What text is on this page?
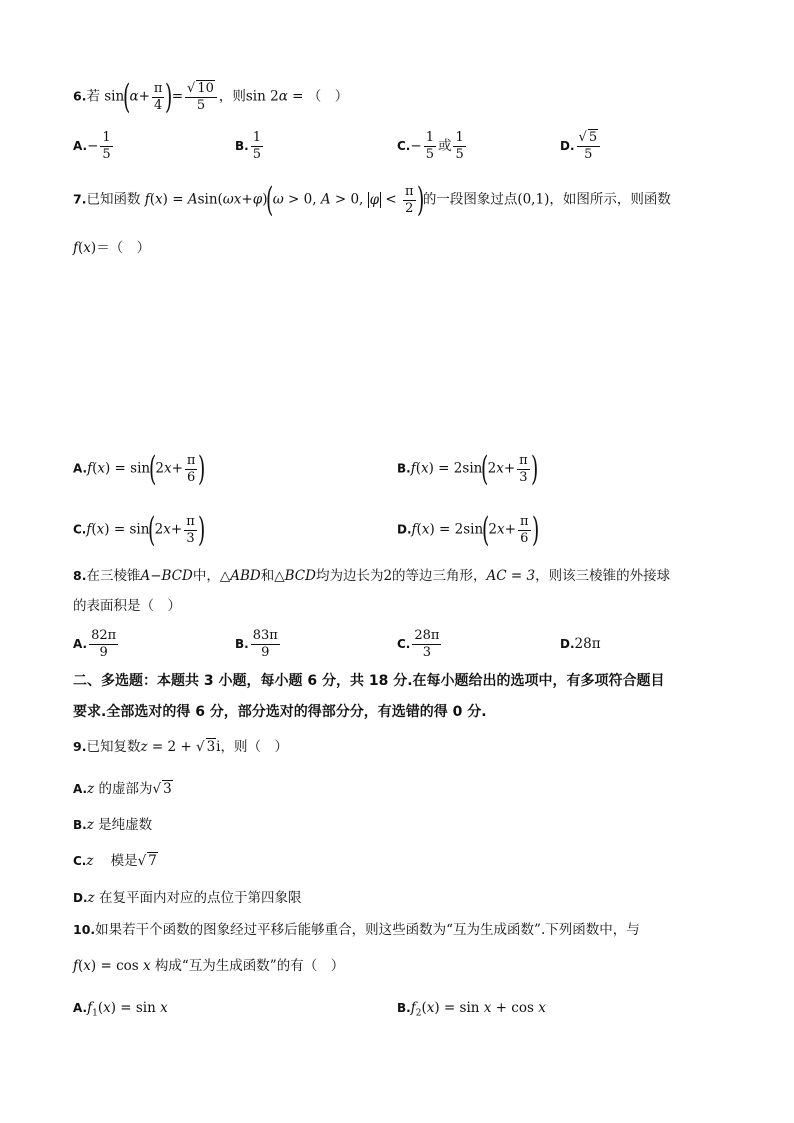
6.若 $\sin(\alpha+ \frac{\pi}{4}$ )= $\frac{√ 10}{5}$ ，则sin 2α = （　）
$A.- \frac{1}{5}$	B. $\frac{1}{5}$	$C.- \frac{1}{5}$ 或 $\frac{1}{5}$	D. $\frac{√ 5}{5}$
7.已知函数 f(x) = Asin(ωx+φ)(ω > 0, A > 0, $\varphi < \frac{\pi}{2}$ )的一段图象过点(0,1)，如图所示，则函数
f(x)＝（　）
$A.f(x) = \sin(2x+ \frac{\pi}{6}$ )	$B.f(x) = 2\sin(2x+ \frac{\pi}{3}$ )
$C.f(x) = \sin(2x+ \frac{\pi}{3}$ )	$D.f(x) = 2\sin(2x+ \frac{\pi}{6}$ )
8.在三棱锥A−BCD中，△ABD和△BCD均为边长为2的等边三角形，AC = 3，则该三棱锥的外接球
的表面积是（　）
A. $\frac{82\pi}{9}$	B. $\frac{83\pi}{9}$	C. $\frac{28\pi}{3}$	D.28π
二、多选题：本题共 3 小题，每小题 6 分，共 18 分.在每小题给出的选项中，有多项符合题目
要求.全部选对的得 6 分，部分选对的得部分分，有选错的得 0 分.
9.已知复数z = 2 + √ 3i，则（　）
A.z 的虚部为√ 3
B.z 是纯虚数
C.z 模是√ 7
D.z 在复平面内对应的点位于第四象限
10.如果若干个函数的图象经过平移后能够重合，则这些函数为“互为生成函数”.下列函数中，与
f(x) = cos x 构成“互为生成函数”的有（　）
$A.f_1(x) = \sin x$	$B.f_2(x) = \sin x + \cos x$
